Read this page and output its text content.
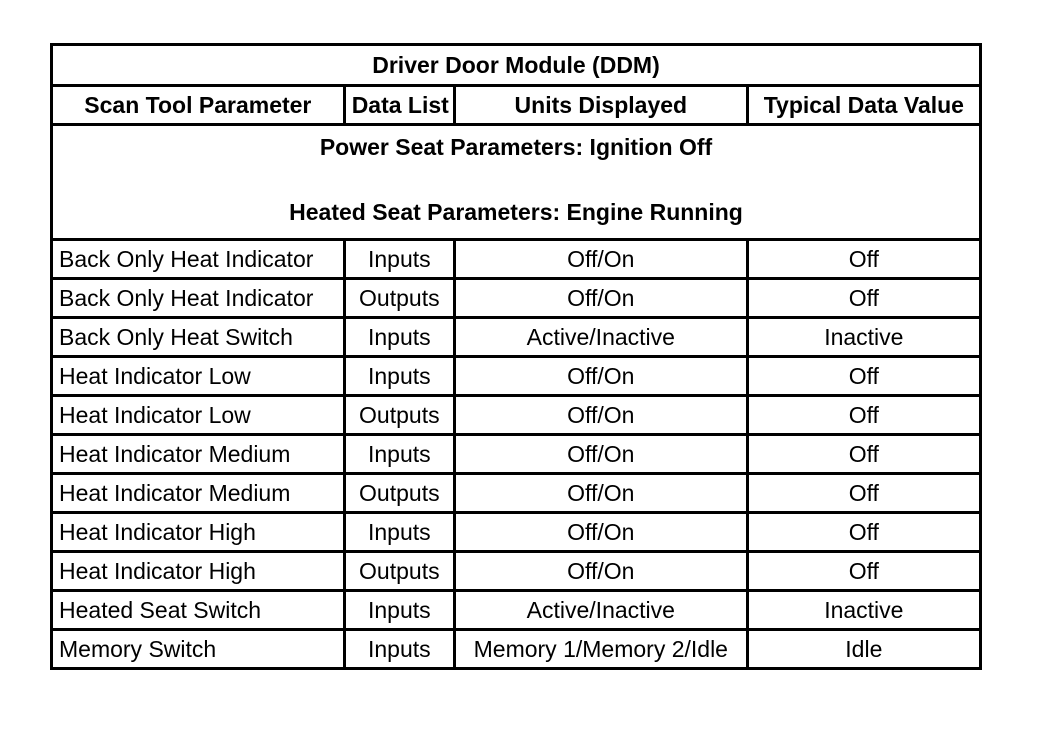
Driver Door Module (DDM)			
Scan Tool Parameter	Data List	Units Displayed	Typical Data Value

Power Seat Parameters: Ignition Off
Heated Seat Parameters: Engine Running			

Back Only Heat Indicator	Inputs	Off/On	Off
Back Only Heat Indicator	Outputs	Off/On	Off
Back Only Heat Switch	Inputs	Active/Inactive	Inactive
Heat Indicator Low	Inputs	Off/On	Off
Heat Indicator Low	Outputs	Off/On	Off
Heat Indicator Medium	Inputs	Off/On	Off
Heat Indicator Medium	Outputs	Off/On	Off
Heat Indicator High	Inputs	Off/On	Off
Heat Indicator High	Outputs	Off/On	Off
Heated Seat Switch	Inputs	Active/Inactive	Inactive
Memory Switch	Inputs	Memory 1/Memory 2/Idle	Idle
